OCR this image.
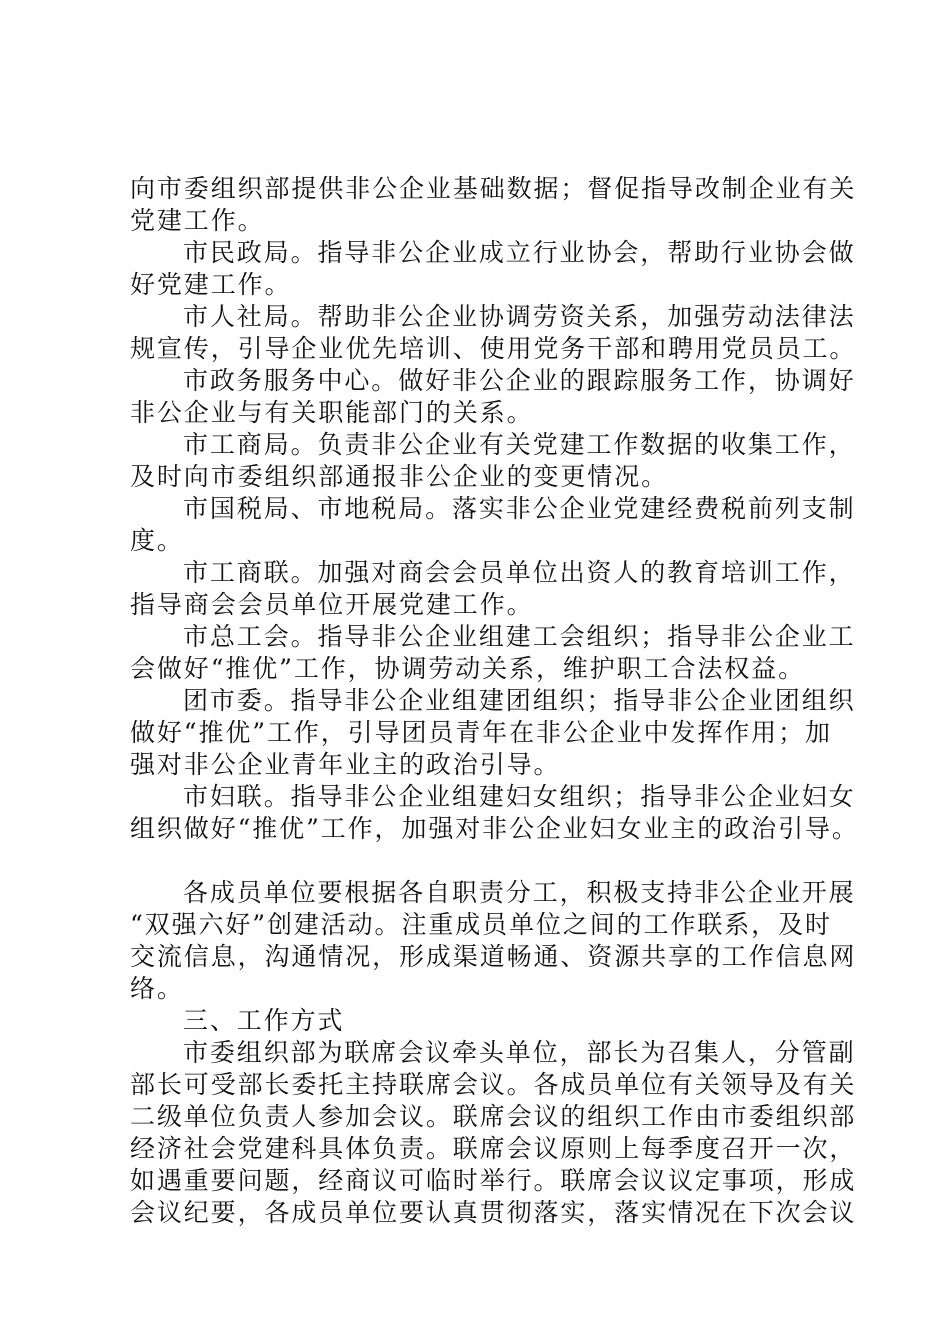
向市委组织部提供非公企业基础数据；督促指导改制企业有关
党建工作。
市民政局。指导非公企业成立行业协会，帮助行业协会做
好党建工作。
市人社局。帮助非公企业协调劳资关系，加强劳动法律法
规宣传，引导企业优先培训、使用党务干部和聘用党员员工。
市政务服务中心。做好非公企业的跟踪服务工作，协调好
非公企业与有关职能部门的关系。
市工商局。负责非公企业有关党建工作数据的收集工作，
及时向市委组织部通报非公企业的变更情况。
市国税局、市地税局。落实非公企业党建经费税前列支制
度。
市工商联。加强对商会会员单位出资人的教育培训工作，
指导商会会员单位开展党建工作。
市总工会。指导非公企业组建工会组织；指导非公企业工
会做好“推优”工作，协调劳动关系，维护职工合法权益。
团市委。指导非公企业组建团组织；指导非公企业团组织
做好“推优”工作，引导团员青年在非公企业中发挥作用；加
强对非公企业青年业主的政治引导。
市妇联。指导非公企业组建妇女组织；指导非公企业妇女
组织做好“推优”工作，加强对非公企业妇女业主的政治引导。
各成员单位要根据各自职责分工，积极支持非公企业开展
“双强六好”创建活动。注重成员单位之间的工作联系，及时
交流信息，沟通情况，形成渠道畅通、资源共享的工作信息网
络。
三、工作方式
市委组织部为联席会议牵头单位，部长为召集人，分管副
部长可受部长委托主持联席会议。各成员单位有关领导及有关
二级单位负责人参加会议。联席会议的组织工作由市委组织部
经济社会党建科具体负责。联席会议原则上每季度召开一次，
如遇重要问题，经商议可临时举行。联席会议议定事项，形成
会议纪要，各成员单位要认真贯彻落实，落实情况在下次会议
